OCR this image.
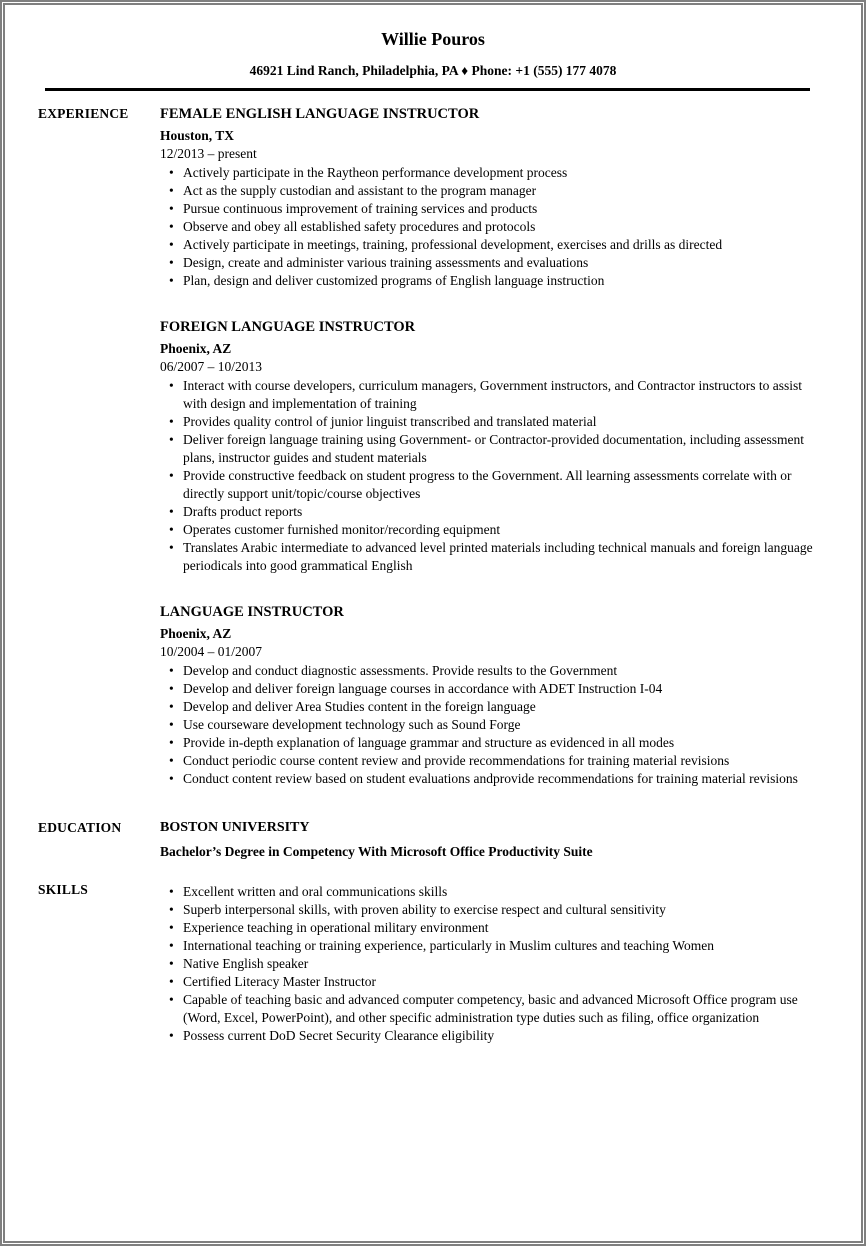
Willie Pouros
46921 Lind Ranch, Philadelphia, PA ♦ Phone: +1 (555) 177 4078
EXPERIENCE	FEMALE ENGLISH LANGUAGE INSTRUCTOR
Houston, TX
12/2013 – present
• Actively participate in the Raytheon performance development process
• Act as the supply custodian and assistant to the program manager
• Pursue continuous improvement of training services and products
• Observe and obey all established safety procedures and protocols
• Actively participate in meetings, training, professional development, exercises and drills as directed
• Design, create and administer various training assessments and evaluations
• Plan, design and deliver customized programs of English language instruction
FOREIGN LANGUAGE INSTRUCTOR
Phoenix, AZ
06/2007 – 10/2013
• Interact with course developers, curriculum managers, Government instructors, and Contractor instructors to assist with design and implementation of training
• Provides quality control of junior linguist transcribed and translated material
• Deliver foreign language training using Government- or Contractor-provided documentation, including assessment plans, instructor guides and student materials
• Provide constructive feedback on student progress to the Government. All learning assessments correlate with or directly support unit/topic/course objectives
• Drafts product reports
• Operates customer furnished monitor/recording equipment
• Translates Arabic intermediate to advanced level printed materials including technical manuals and foreign language periodicals into good grammatical English
LANGUAGE INSTRUCTOR
Phoenix, AZ
10/2004 – 01/2007
• Develop and conduct diagnostic assessments. Provide results to the Government
• Develop and deliver foreign language courses in accordance with ADET Instruction I-04
• Develop and deliver Area Studies content in the foreign language
• Use courseware development technology such as Sound Forge
• Provide in-depth explanation of language grammar and structure as evidenced in all modes
• Conduct periodic course content review and provide recommendations for training material revisions
• Conduct content review based on student evaluations andprovide recommendations for training material revisions
EDUCATION	BOSTON UNIVERSITY
Bachelor’s Degree in Competency With Microsoft Office Productivity Suite
SKILLS	• Excellent written and oral communications skills
• Superb interpersonal skills, with proven ability to exercise respect and cultural sensitivity
• Experience teaching in operational military environment
• International teaching or training experience, particularly in Muslim cultures and teaching Women
• Native English speaker
• Certified Literacy Master Instructor
• Capable of teaching basic and advanced computer competency, basic and advanced Microsoft Office program use (Word, Excel, PowerPoint), and other specific administration type duties such as filing, office organization
• Possess current DoD Secret Security Clearance eligibility
